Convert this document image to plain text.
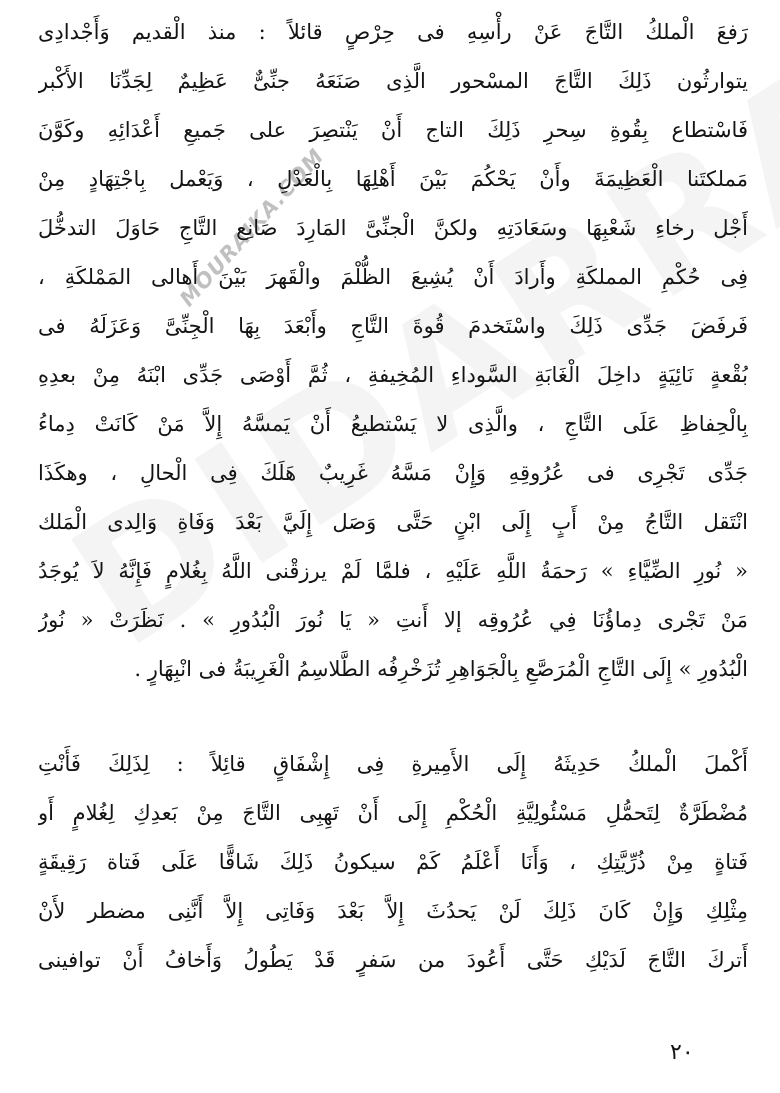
MOURAIKA.COM
رَفعَ الْملكُ التَّاجَ عَنْ رأْسِهِ فى حِرْصٍ قائلاً : منذ الْقديم وَأَجْدادِى
يتوارثُون ذَلِكَ التَّاجَ المسْحور الَّذِى صَنَعَهُ جنِّىٌّ عَظِيمٌ لِجَدِّنَا الأَكْبر
فَاسْتطاع بِقُوةِ سِحرِ ذَلِكَ التاج أَنْ يَنْتصِرَ على جَميعِ أَعْدَائِهِ وكَوَّنَ
مَملكتَنا الْعَظِيمَةَ وأَنْ يَحْكُمَ بَيْنَ أَهْلِهَا بِالْعَدْلِ ، وَيَعْمل بِاجْتِهَادٍ مِنْ
أَجْل رخاءِ شَعْبِهَا وسَعَادَتِهِ ولكنَّ الْجنِّىَّ المَارِدَ صَانِع التَّاجِ حَاوَلَ التدخُّلَ
فِى حُكْمِ المملكَةِ وأَرادَ أَنْ يُشِيعَ الظُّلْمَ والْقَهرَ بَيْنَ أَهالى المَمْلكَةِ ،
فَرفَضَ جَدِّى ذَلِكَ واسْتَخدمَ قُوةَ التَّاجِ وأَبْعَدَ بِهَا الْجِنِّىَّ وَعَزَلَهُ فى
بُقْعةٍ نَائِيَةٍ داخِلَ الْغَابَةِ السَّوداءِ المُخِيفةِ ، ثُمَّ أَوْصَى جَدِّى ابْنَهُ مِنْ بعدِهِ
بِالْحِفاظِ عَلَى التَّاجِ ، والَّذِى لا يَسْتطيعُ أَنْ يَمسَّهُ إِلاَّ مَنْ كَانَتْ دِماءُ
جَدِّى تَجْرِى فى عُرُوقِهِ وَإِنْ مَسَّهُ غَرِيبٌ هَلَكَ فِى الْحالِ ، وهكَذَا
انْتَقل التَّاجُ مِنْ أَبٍ إِلَى ابْنٍ حَتَّى وَصَل إِلَيَّ بَعْدَ وَفَاةِ وَالِدى الْمَلك
« نُورِ الضِّيَّاءِ » رَحمَةُ اللَّهِ عَلَيْهِ ، فلمَّا لَمْ يرزقْنى اللَّهُ بِغُلامٍ فَإِنَّهُ لاَ يُوجَدُ
مَنْ تَجْرى دِماؤُنَا فِي عُرُوقِه إلا أَنتِ « يَا نُورَ الْبُدُورِ » . نَظَرَتْ « نُورُ
الْبُدُورِ » إِلَى التَّاجِ الْمُرَصَّعِ بِالْجَوَاهِرِ تُزَخْرِفُه الطَّلاسِمُ الْغَرِيبَةُ فى انْبِهَارٍ .
أَكْملَ الْملكُ حَدِيثَهُ إِلَى الأَمِيرةِ فِى إِشْفَاقٍ قائِلاً : لِذَلِكَ فَأَنْتِ
مُضْطَرَّةٌ لِتَحمُّلِ مَسْئُولِيَّةِ الْحُكْمِ إِلَى أَنْ تَهِبِى التَّاجَ مِنْ بَعدِكِ لِغُلامٍ أَو
فَتاةٍ مِنْ ذُرِّيَّتِكِ ، وَأَنَا أَعْلَمُ كَمْ سيكونُ ذَلِكَ شَاقًّا عَلَى فَتاة رَقِيقَةٍ
مِثْلِكِ وَإِنْ كَانَ ذَلِكَ لَنْ يَحدُثَ إِلاَّ بَعْدَ وَفَاتِى إِلاَّ أَنَّنِى مضطر لأَنْ
أَتركَ التَّاجَ لَدَيْكِ حَتَّى أَعُودَ من سَفرٍ قَدْ يَطُولُ وَأَخافُ أَنْ توافينى
٢٠
